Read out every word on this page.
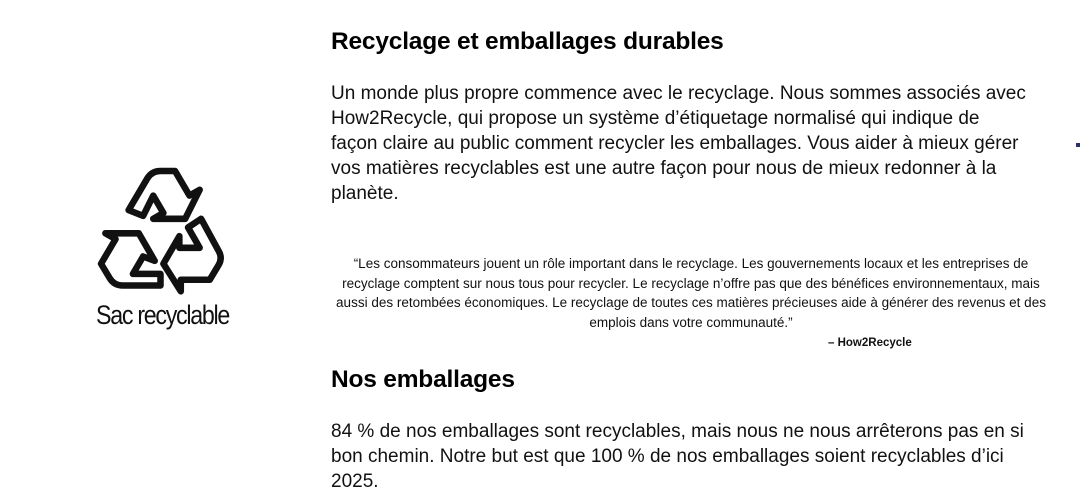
Sac recyclable
Recyclage et emballages durables

Un monde plus propre commence avec le recyclage. Nous sommes associés avec How2Recycle, qui propose un système d’étiquetage normalisé qui indique de façon claire au public comment recycler les emballages. Vous aider à mieux gérer vos matières recyclables est une autre façon pour nous de mieux redonner à la planète.

“Les consommateurs jouent un rôle important dans le recyclage. Les gouvernements locaux et les entreprises de recyclage comptent sur nous tous pour recycler. Le recyclage n’offre pas que des bénéfices environnementaux, mais aussi des retombées économiques. Le recyclage de toutes ces matières précieuses aide à générer des revenus et des emplois dans votre communauté.”
– How2Recycle
Nos emballages

84 % de nos emballages sont recyclables, mais nous ne nous arrêterons pas en si bon chemin. Notre but est que 100 % de nos emballages soient recyclables d’ici 2025.
